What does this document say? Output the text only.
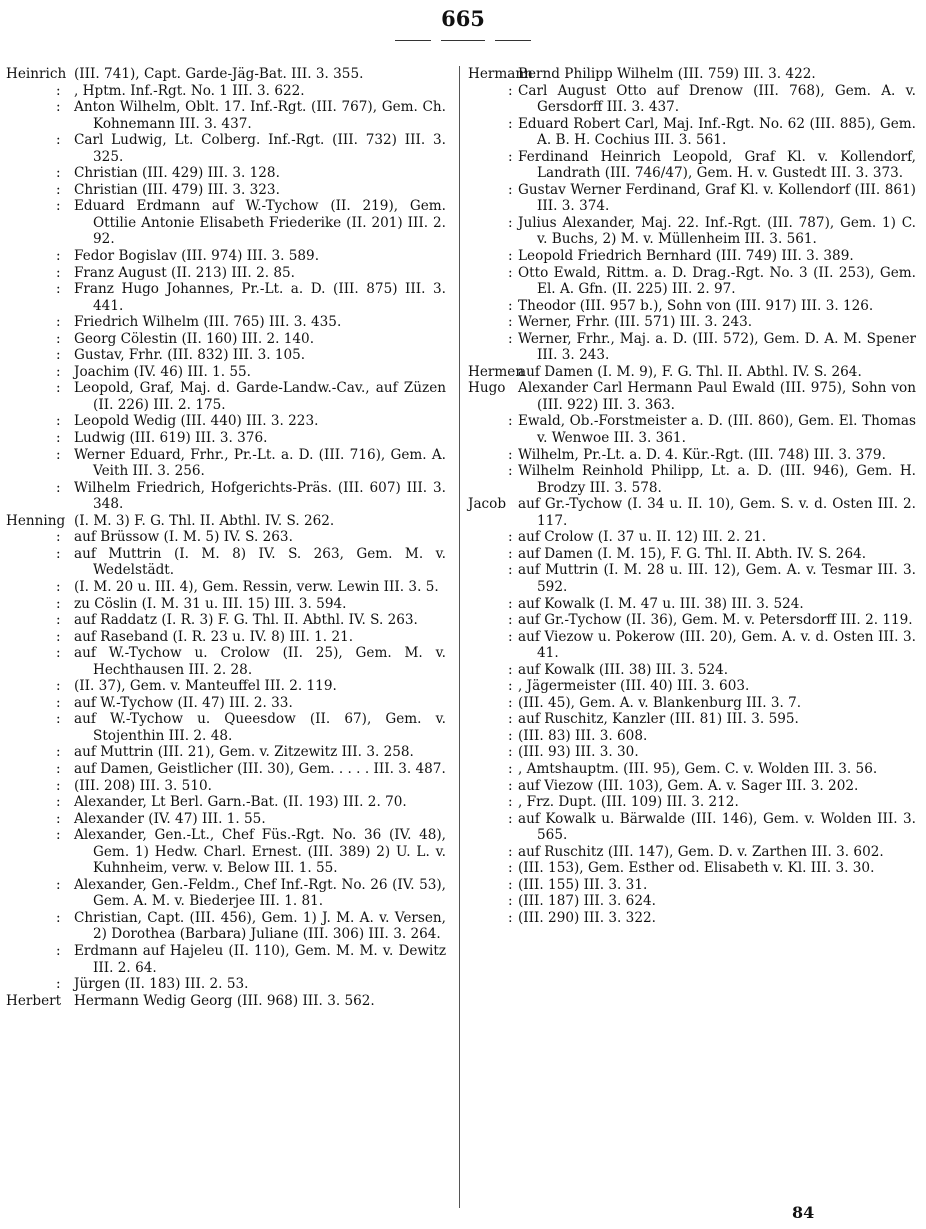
665
Heinrich (III. 741), Capt. Garde-Jäg-Bat. III. 3. 355.
: , Hptm. Inf.-Rgt. No. 1 III. 3. 622.
: Anton Wilhelm, Oblt. 17. Inf.-Rgt. (III. 767), Gem. Ch. Kohnemann III. 3. 437.
: Carl Ludwig, Lt. Colberg. Inf.-Rgt. (III. 732) III. 3. 325.
: Christian (III. 429) III. 3. 128.
: Christian (III. 479) III. 3. 323.
: Eduard Erdmann auf W.-Tychow (II. 219), Gem. Ottilie Antonie Elisabeth Friederike (II. 201) III. 2. 92.
: Fedor Bogislav (III. 974) III. 3. 589.
: Franz August (II. 213) III. 2. 85.
: Franz Hugo Johannes, Pr.-Lt. a. D. (III. 875) III. 3. 441.
: Friedrich Wilhelm (III. 765) III. 3. 435.
: Georg Cölestin (II. 160) III. 2. 140.
: Gustav, Frhr. (III. 832) III. 3. 105.
: Joachim (IV. 46) III. 1. 55.
: Leopold, Graf, Maj. d. Garde-Landw.-Cav., auf Züzen (II. 226) III. 2. 175.
: Leopold Wedig (III. 440) III. 3. 223.
: Ludwig (III. 619) III. 3. 376.
: Werner Eduard, Frhr., Pr.-Lt. a. D. (III. 716), Gem. A. Veith III. 3. 256.
: Wilhelm Friedrich, Hofgerichts-Präs. (III. 607) III. 3. 348.
Henning (I. M. 3) F. G. Thl. II. Abthl. IV. S. 262.
: auf Brüssow (I. M. 5) IV. S. 263.
: auf Muttrin (I. M. 8) IV. S. 263, Gem. M. v. Wedelstädt.
: (I. M. 20 u. III. 4), Gem. Ressin, verw. Lewin III. 3. 5.
: zu Cöslin (I. M. 31 u. III. 15) III. 3. 594.
: auf Raddatz (I. R. 3) F. G. Thl. II. Abthl. IV. S. 263.
: auf Raseband (I. R. 23 u. IV. 8) III. 1. 21.
: auf W.-Tychow u. Crolow (II. 25), Gem. M. v. Hechthausen III. 2. 28.
: (II. 37), Gem. v. Manteuffel III. 2. 119.
: auf W.-Tychow (II. 47) III. 2. 33.
: auf W.-Tychow u. Queesdow (II. 67), Gem. v. Stojenthin III. 2. 48.
: auf Muttrin (III. 21), Gem. v. Zitzewitz III. 3. 258.
: auf Damen, Geistlicher (III. 30), Gem. . . . . III. 3. 487.
: (III. 208) III. 3. 510.
: Alexander, Lt Berl. Garn.-Bat. (II. 193) III. 2. 70.
: Alexander (IV. 47) III. 1. 55.
: Alexander, Gen.-Lt., Chef Füs.-Rgt. No. 36 (IV. 48), Gem. 1) Hedw. Charl. Ernest. (III. 389) 2) U. L. v. Kuhnheim, verw. v. Below III. 1. 55.
: Alexander, Gen.-Feldm., Chef Inf.-Rgt. No. 26 (IV. 53), Gem. A. M. v. Biederjee III. 1. 81.
: Christian, Capt. (III. 456), Gem. 1) J. M. A. v. Versen, 2) Dorothea (Barbara) Juliane (III. 306) III. 3. 264.
: Erdmann auf Hajeleu (II. 110), Gem. M. M. v. Dewitz III. 2. 64.
: Jürgen (II. 183) III. 2. 53.
Herbert Hermann Wedig Georg (III. 968) III. 3. 562.
Hermann
Bernd Philipp Wilhelm (III. 759) III. 3. 422.
: Carl August Otto auf Drenow (III. 768), Gem. A. v. Gersdorff III. 3. 437.
: Eduard Robert Carl, Maj. Inf.-Rgt. No. 62 (III. 885), Gem. A. B. H. Cochius III. 3. 561.
: Ferdinand Heinrich Leopold, Graf Kl. v. Kollendorf, Landrath (III. 746/47), Gem. H. v. Gustedt III. 3. 373.
: Gustav Werner Ferdinand, Graf Kl. v. Kollendorf (III. 861) III. 3. 374.
: Julius Alexander, Maj. 22. Inf.-Rgt. (III. 787), Gem. 1) C. v. Buchs, 2) M. v. Müllenheim III. 3. 561.
: Leopold Friedrich Bernhard (III. 749) III. 3. 389.
: Otto Ewald, Rittm. a. D. Drag.-Rgt. No. 3 (II. 253), Gem. El. A. Gfn. (II. 225) III. 2. 97.
: Theodor (III. 957 b.), Sohn von (III. 917) III. 3. 126.
: Werner, Frhr. (III. 571) III. 3. 243.
: Werner, Frhr., Maj. a. D. (III. 572), Gem. D. A. M. Spener III. 3. 243.
Hermen
auf Damen (I. M. 9), F. G. Thl. II. Abthl. IV. S. 264.
Hugo Alexander Carl Hermann Paul Ewald (III. 975), Sohn von (III. 922) III. 3. 363.
: Ewald, Ob.-Forstmeister a. D. (III. 860), Gem. El. Thomas v. Wenwoe III. 3. 361.
: Wilhelm, Pr.-Lt. a. D. 4. Kür.-Rgt. (III. 748) III. 3. 379.
: Wilhelm Reinhold Philipp, Lt. a. D. (III. 946), Gem. H. Brodzy III. 3. 578.
Jacob auf Gr.-Tychow (I. 34 u. II. 10), Gem. S. v. d. Osten III. 2. 117.
: auf Crolow (I. 37 u. II. 12) III. 2. 21.
: auf Damen (I. M. 15), F. G. Thl. II. Abth. IV. S. 264.
: auf Muttrin (I. M. 28 u. III. 12), Gem. A. v. Tesmar III. 3. 592.
: auf Kowalk (I. M. 47 u. III. 38) III. 3. 524.
: auf Gr.-Tychow (II. 36), Gem. M. v. Petersdorff III. 2. 119.
: auf Viezow u. Pokerow (III. 20), Gem. A. v. d. Osten III. 3. 41.
: auf Kowalk (III. 38) III. 3. 524.
: , Jägermeister (III. 40) III. 3. 603.
: (III. 45), Gem. A. v. Blankenburg III. 3. 7.
: auf Ruschitz, Kanzler (III. 81) III. 3. 595.
: (III. 83) III. 3. 608.
: (III. 93) III. 3. 30.
: , Amtshauptm. (III. 95), Gem. C. v. Wolden III. 3. 56.
: auf Viezow (III. 103), Gem. A. v. Sager III. 3. 202.
: , Frz. Dupt. (III. 109) III. 3. 212.
: auf Kowalk u. Bärwalde (III. 146), Gem. v. Wolden III. 3. 565.
: auf Ruschitz (III. 147), Gem. D. v. Zarthen III. 3. 602.
: (III. 153), Gem. Esther od. Elisabeth v. Kl. III. 3. 30.
: (III. 155) III. 3. 31.
: (III. 187) III. 3. 624.
: (III. 290) III. 3. 322.
84
